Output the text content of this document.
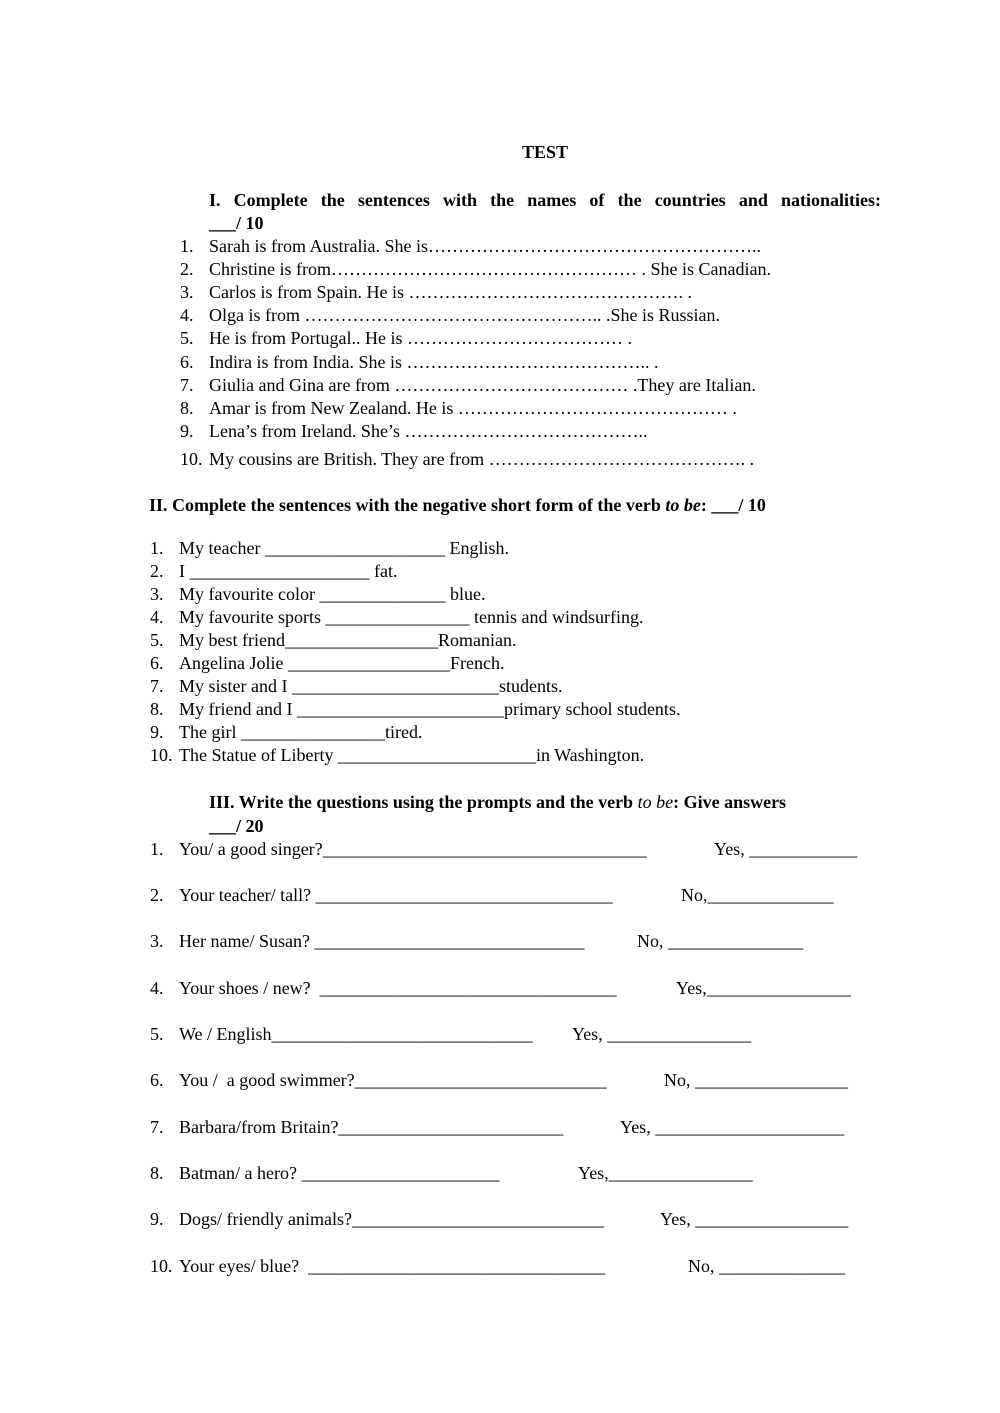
TEST
I. Complete the sentences with the names of the countries and nationalities:
___/ 10
1. Sarah is from Australia. She is………………………………………………..
2. Christine is from…………………………………………… . She is Canadian.
3. Carlos is from Spain. He is ………………………………………. .
4. Olga is from ………………………………………….. .She is Russian.
5. He is from Portugal.. He is ……………………………… .
6. Indira is from India. She is ………………………………….. .
7. Giulia and Gina are from ………………………………… .They are Italian.
8. Amar is from New Zealand. He is ……………………………………… .
9. Lena’s from Ireland. She’s …………………………………..
10. My cousins are British. They are from ……………………………………. .
II. Complete the sentences with the negative short form of the verb to be: ___/ 10
1. My teacher ____________________ English.
2. I ____________________ fat.
3. My favourite color ______________ blue.
4. My favourite sports ________________ tennis and windsurfing.
5. My best friend_________________Romanian.
6. Angelina Jolie __________________French.
7. My sister and I _______________________students.
8. My friend and I _______________________primary school students.
9. The girl ________________tired.
10. The Statue of Liberty ______________________in Washington.
III. Write the questions using the prompts and the verb to be: Give answers
___/ 20
1. You/ a good singer?____________________________________	Yes, ____________
2. Your teacher/ tall? _________________________________	No,______________
3. Her name/ Susan? ______________________________	No, _______________
4. Your shoes / new?  _________________________________	Yes,________________
5. We / English_____________________________ Yes, ________________
6. You /  a good swimmer?____________________________	No, _________________
7. Barbara/from Britain?_________________________	Yes, _____________________
8. Batman/ a hero? ______________________	Yes,________________
9. Dogs/ friendly animals?____________________________	Yes, _________________
10. Your eyes/ blue?  _________________________________	No, ______________
